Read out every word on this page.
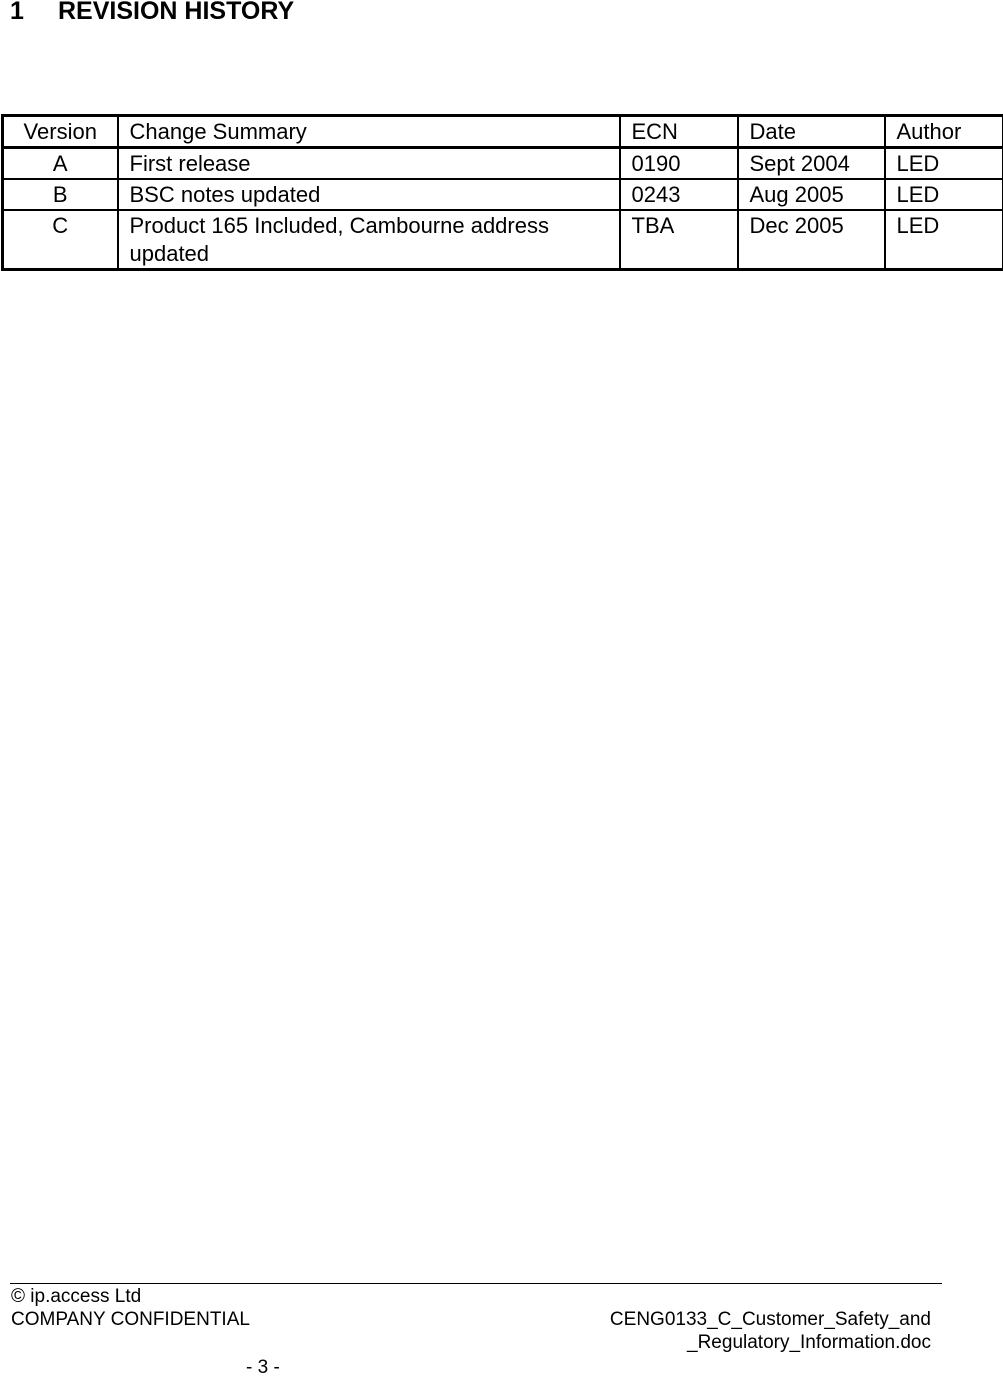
1 REVISION HISTORY
Version	Change Summary	ECN	Date	Author
A	First release	0190	Sept 2004	LED
B	BSC notes updated	0243	Aug 2005	LED
C	Product 165 Included, Cambourne address updated	TBA	Dec 2005	LED
© ip.access Ltd
COMPANY CONFIDENTIAL	CENG0133_C_Customer_Safety_and
_Regulatory_Information.doc
- 3 -
